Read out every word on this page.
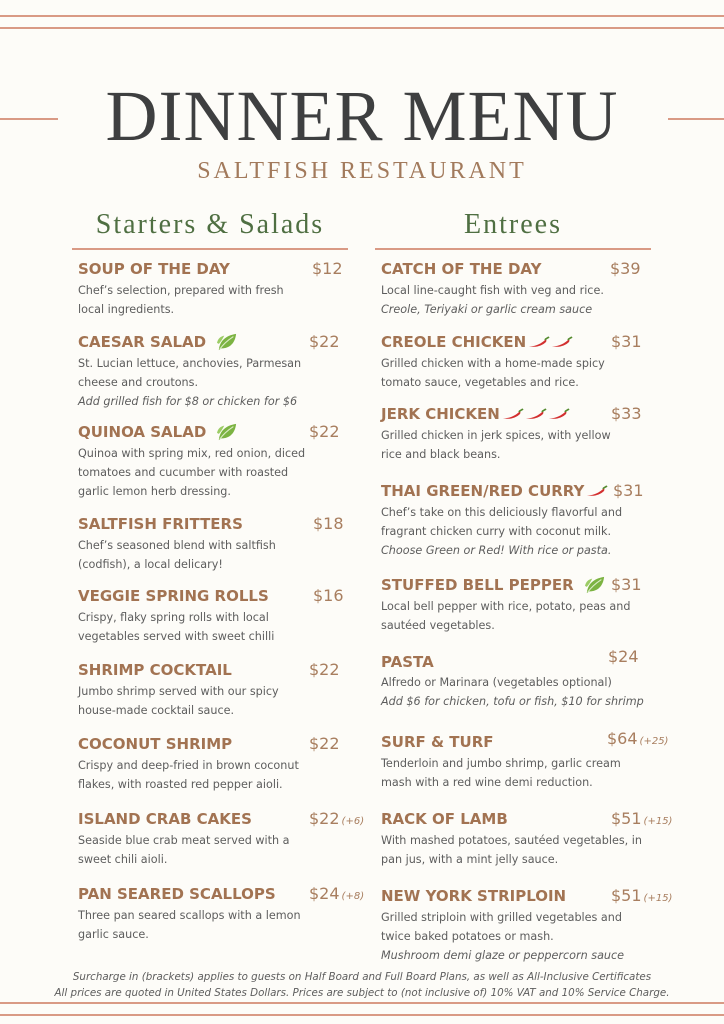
DINNER MENU
SALTFISH RESTAURANT
Starters & Salads	Entrees
SOUP OF THE DAY	$12
Chef’s selection, prepared with fresh local ingredients.
CAESAR SALAD	$22
St. Lucian lettuce, anchovies, Parmesan cheese and croutons.
Add grilled fish for $8 or chicken for $6
QUINOA SALAD	$22
Quinoa with spring mix, red onion, diced tomatoes and cucumber with roasted garlic lemon herb dressing.
SALTFISH FRITTERS	$18
Chef’s seasoned blend with saltfish (codfish), a local delicary!
VEGGIE SPRING ROLLS	$16
Crispy, flaky spring rolls with local vegetables served with sweet chilli
SHRIMP COCKTAIL	$22
Jumbo shrimp served with our spicy house-made cocktail sauce.
COCONUT SHRIMP	$22
Crispy and deep-fried in brown coconut flakes, with roasted red pepper aioli.
ISLAND CRAB CAKES	$22 (+6)
Seaside blue crab meat served with a sweet chili aioli.
PAN SEARED SCALLOPS $24 (+8)
Three pan seared scallops with a lemon garlic sauce.
CATCH OF THE DAY	$39
Local line-caught fish with veg and rice.
Creole, Teriyaki or garlic cream sauce
CREOLE CHICKEN	$31
Grilled chicken with a home-made spicy tomato sauce, vegetables and rice.
JERK CHICKEN	$33
Grilled chicken in jerk spices, with yellow rice and black beans.
THAI GREEN/RED CURRY $31
Chef’s take on this deliciously flavorful and fragrant chicken curry with coconut milk.
Choose Green or Red! With rice or pasta.
STUFFED BELL PEPPER $31
Local bell pepper with rice, potato, peas and sautéed vegetables.
PASTA	$24
Alfredo or Marinara (vegetables optional)
Add $6 for chicken, tofu or fish, $10 for shrimp
SURF & TURF	$64 (+25)
Tenderloin and jumbo shrimp, garlic cream mash with a red wine demi reduction.
RACK OF LAMB	$51 (+15)
With mashed potatoes, sautéed vegetables, in pan jus, with a mint jelly sauce.
NEW YORK STRIPLOIN	$51 (+15)
Grilled striploin with grilled vegetables and twice baked potatoes or mash.
Mushroom demi glaze or peppercorn sauce
Surcharge in (brackets) applies to guests on Half Board and Full Board Plans, as well as All-Inclusive Certificates
All prices are quoted in United States Dollars. Prices are subject to (not inclusive of) 10% VAT and 10% Service Charge.
